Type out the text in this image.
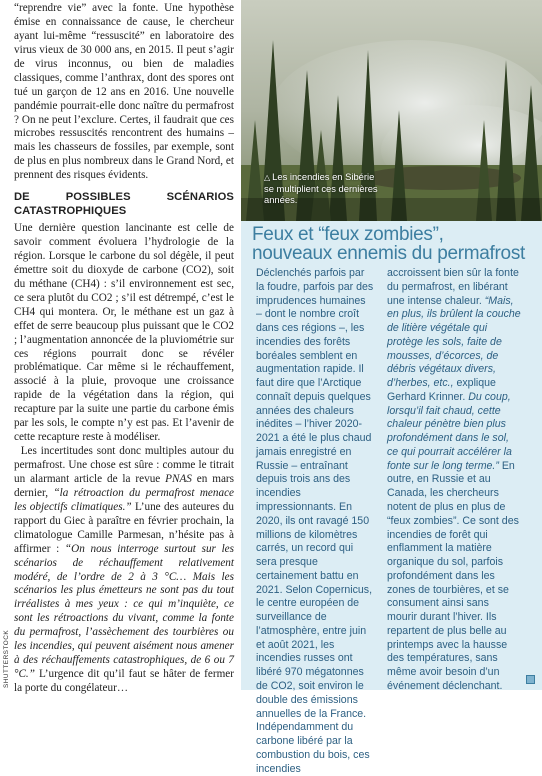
“reprendre vie” avec la fonte. Une hypothèse émise en connaissance de cause, le chercheur ayant lui-même “ressuscité” en laboratoire des virus vieux de 30 000 ans, en 2015. Il peut s’agir de virus inconnus, ou bien de maladies classiques, comme l’anthrax, dont des spores ont tué un garçon de 12 ans en 2016. Une nouvelle pandémie pourrait-elle donc naître du permafrost ? On ne peut l’exclure. Certes, il faudrait que ces microbes ressuscités rencontrent des humains – mais les chasseurs de fossiles, par exemple, sont de plus en plus nombreux dans le Grand Nord, et prennent des risques évidents.

DE POSSIBLES SCÉNARIOS CATASTROPHIQUES

Une dernière question lancinante est celle de savoir comment évoluera l’hydrologie de la région. Lorsque le carbone du sol dégèle, il peut émettre soit du dioxyde de carbone (CO2), soit du méthane (CH4) : s’il environnement est sec, ce sera plutôt du CO2 ; s’il est détrempé, c’est le CH4 qui montera. Or, le méthane est un gaz à effet de serre beaucoup plus puissant que le CO2 ; l’augmentation annoncée de la pluviométrie sur ces régions pourrait donc se révéler problématique. Car même si le réchauffement, associé à la pluie, provoque une croissance rapide de la végétation dans la région, qui recapture par la suite une partie du carbone émis par les sols, le compte n’y est pas. Et l’avenir de cette recapture reste à modéliser.

Les incertitudes sont donc multiples autour du permafrost. Une chose est sûre : comme le titrait un alarmant article de la revue PNAS en mars dernier, “la rétroaction du permafrost menace les objectifs climatiques.” L’une des auteures du rapport du Giec à paraître en février prochain, la climatologue Camille Parmesan, n’hésite pas à affirmer : “On nous interroge surtout sur les scénarios de réchauffement relativement modéré, de l’ordre de 2 à 3 °C… Mais les scénarios les plus émetteurs ne sont pas du tout irréalistes à mes yeux : ce qui m’inquiète, ce sont les rétroactions du vivant, comme la fonte du permafrost, l’assèchement des tourbières ou les incendies, qui peuvent aisément nous amener à des réchauffements catastrophiques, de 6 ou 7 °C.” L’urgence dit qu’il faut se hâter de fermer la porte du congélateur…

SHUTTERSTOCK
△ Les incendies en Sibérie se multiplient ces dernières années.
Feux et “feux zombies”,
nouveaux ennemis du permafrost

Déclenchés parfois par la foudre, parfois par des imprudences humaines – dont le nombre croît dans ces régions –, les incendies des forêts boréales semblent en augmentation rapide. Il faut dire que l’Arctique connaît depuis quelques années des chaleurs inédites – l’hiver 2020-2021 a été le plus chaud jamais enregistré en Russie – entraînant depuis trois ans des incendies impressionnants. En 2020, ils ont ravagé 150 millions de kilomètres carrés, un record qui sera presque certainement battu en 2021. Selon Copernicus, le centre européen de surveillance de l’atmosphère, entre juin et août 2021, les incendies russes ont libéré 970 mégatonnes de CO2, soit environ le double des émissions annuelles de la France. Indépendamment du carbone libéré par la combustion du bois, ces incendies

accroissent bien sûr la fonte du permafrost, en libérant une intense chaleur. “Mais, en plus, ils brûlent la couche de litière végétale qui protège les sols, faite de mousses, d’écorces, de débris végétaux divers, d’herbes, etc., explique Gerhard Krinner. Du coup, lorsqu’il fait chaud, cette chaleur pénètre bien plus profondément dans le sol, ce qui pourrait accélérer la fonte sur le long terme.” En outre, en Russie et au Canada, les chercheurs notent de plus en plus de “feux zombies”. Ce sont des incendies de forêt qui enflamment la matière organique du sol, parfois profondément dans les zones de tourbières, et se consument ainsi sans mourir durant l’hiver. Ils repartent de plus belle au printemps avec la hausse des températures, sans même avoir besoin d’un événement déclenchant.
